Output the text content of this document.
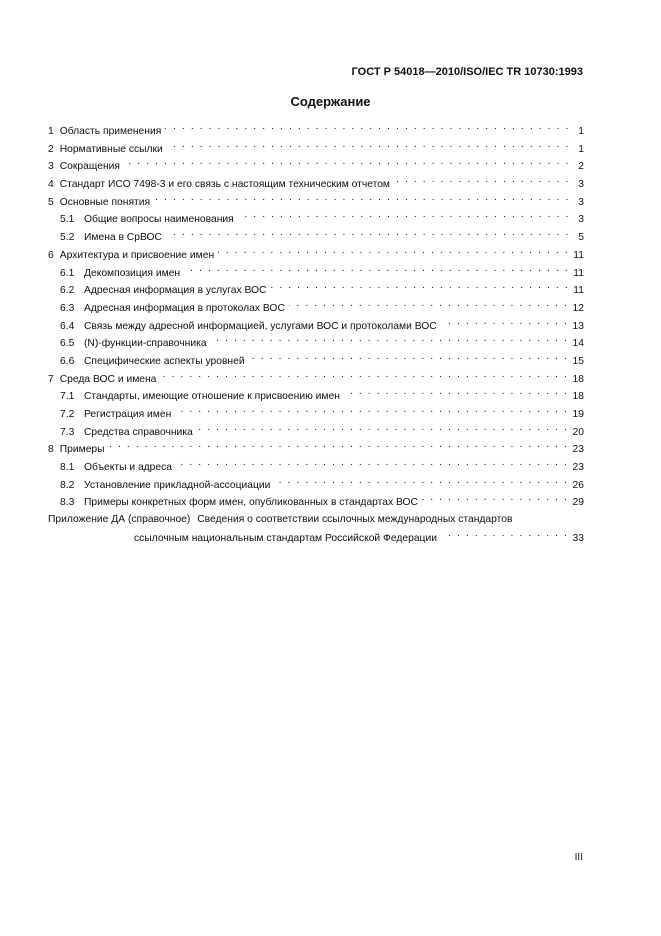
ГОСТ Р 54018—2010/ISO/IEC TR 10730:1993
Содержание
1 Область применения . . .	1
2 Нормативные ссылки . . .	1
3 Сокращения . . .	2
4 Стандарт ИСО 7498-3 и его связь с настоящим техническим отчетом . . .	3
5 Основные понятия . . .	3
5.1 Общие вопросы наименования . . .	3
5.2 Имена в СрВОС . . .	5
6 Архитектура и присвоение имен . . .	11
6.1 Декомпозиция имен . . .	11
6.2 Адресная информация в услугах ВОС . . .	11
6.3 Адресная информация в протоколах ВОС . . .	12
6.4 Связь между адресной информацией, услугами ВОС и протоколами ВОС . . .	13
6.5 (N)-функции-справочника . . .	14
6.6 Специфические аспекты уровней . . .	15
7 Среда ВОС и имена . . .	18
7.1 Стандарты, имеющие отношение к присвоению имен . . .	18
7.2 Регистрация имен . . .	19
7.3 Средства справочника . . .	20
8 Примеры . . .	23
8.1 Объекты и адреса . . .	23
8.2 Установление прикладной-ассоциации . . .	26
8.3 Примеры конкретных форм имен, опубликованных в стандартах ВОС . . .	29
Приложение ДА (справочное) Сведения о соответствии ссылочных международных стандартов
ссылочным национальным стандартам Российской Федерации . . .	33
III
